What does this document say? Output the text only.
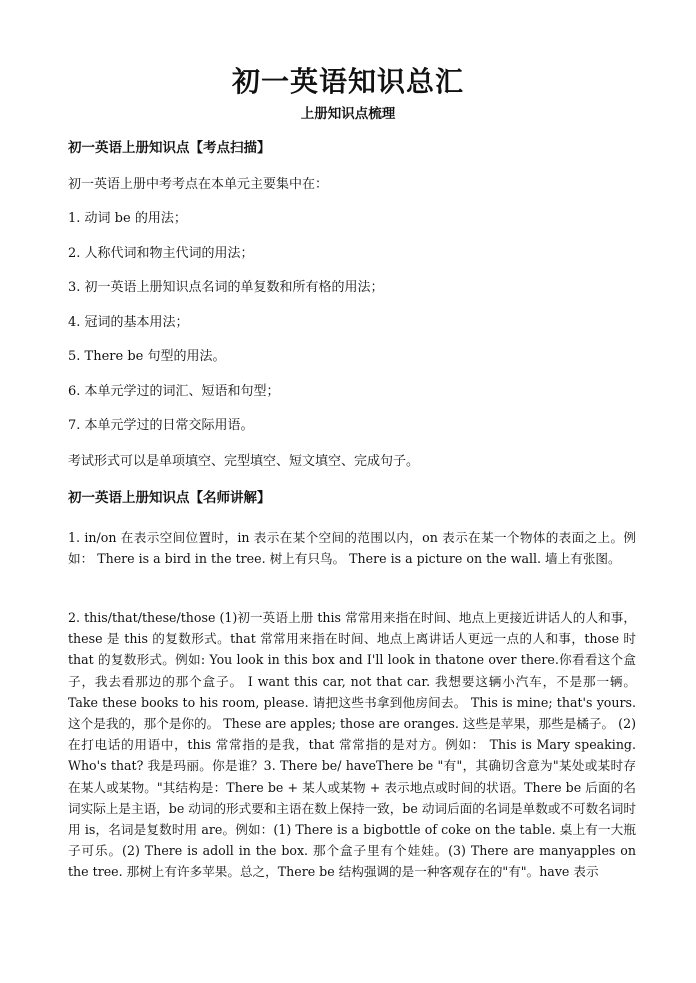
初一英语知识总汇
上册知识点梳理
初一英语上册知识点【考点扫描】
初一英语上册中考考点在本单元主要集中在：
1. 动词 be 的用法；
2. 人称代词和物主代词的用法；
3. 初一英语上册知识点名词的单复数和所有格的用法；
4. 冠词的基本用法；
5. There be 句型的用法。
6. 本单元学过的词汇、短语和句型；
7. 本单元学过的日常交际用语。
考试形式可以是单项填空、完型填空、短文填空、完成句子。
初一英语上册知识点【名师讲解】
1. in/on 在表示空间位置时，in 表示在某个空间的范围以内，on 表示在某一个物体的表面之上。例如： There is a bird in the tree. 树上有只鸟。 There is a picture on the wall. 墙上有张图。
2. this/that/these/those (1)初一英语上册 this 常常用来指在时间、地点上更接近讲话人的人和事，these 是 this 的复数形式。that 常常用来指在时间、地点上离讲话人更远一点的人和事，those 时 that 的复数形式。例如: You look in this box and I'll look in thatone over there.你看看这个盒子，我去看那边的那个盒子。 I want this car, not that car. 我想要这辆小汽车，不是那一辆。 Take these books to his room, please. 请把这些书拿到他房间去。 This is mine; that's yours. 这个是我的，那个是你的。 These are apples; those are oranges. 这些是苹果，那些是橘子。 (2)在打电话的用语中，this 常常指的是我，that 常常指的是对方。例如： This is Mary speaking. Who's that? 我是玛丽。你是谁？3. There be/ haveThere be "有"，其确切含意为"某处或某时存在某人或某物。"其结构是：There be + 某人或某物 + 表示地点或时间的状语。There be 后面的名词实际上是主语，be 动词的形式要和主语在数上保持一致，be 动词后面的名词是单数或不可数名词时用 is，名词是复数时用 are。例如：(1) There is a bigbottle of coke on the table. 桌上有一大瓶子可乐。(2) There is adoll in the box. 那个盒子里有个娃娃。(3) There are manyapples on the tree. 那树上有许多苹果。总之，There be 结构强调的是一种客观存在的"有"。have 表示
